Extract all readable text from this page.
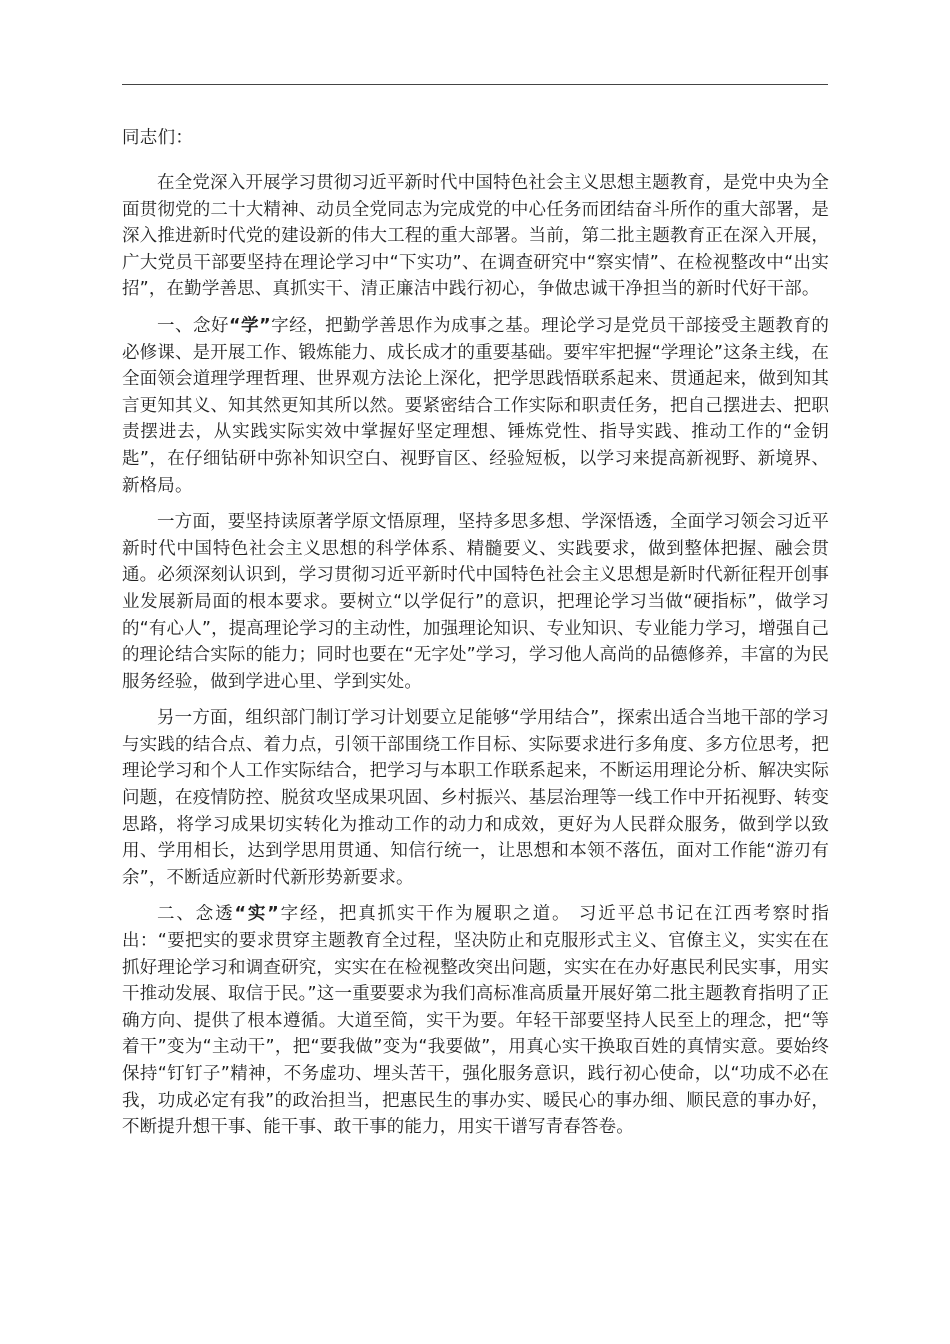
同志们：

在全党深入开展学习贯彻习近平新时代中国特色社会主义思想主题教育，是党中央为全面贯彻党的二十大精神、动员全党同志为完成党的中心任务而团结奋斗所作的重大部署，是深入推进新时代党的建设新的伟大工程的重大部署。当前，第二批主题教育正在深入开展，广大党员干部要坚持在理论学习中“下实功”、在调查研究中“察实情”、在检视整改中“出实招”，在勤学善思、真抓实干、清正廉洁中践行初心，争做忠诚干净担当的新时代好干部。

一、念好“学”字经，把勤学善思作为成事之基。理论学习是党员干部接受主题教育的必修课、是开展工作、锻炼能力、成长成才的重要基础。要牢牢把握“学理论”这条主线，在全面领会道理学理哲理、世界观方法论上深化，把学思践悟联系起来、贯通起来，做到知其言更知其义、知其然更知其所以然。要紧密结合工作实际和职责任务，把自己摆进去、把职责摆进去，从实践实际实效中掌握好坚定理想、锤炼党性、指导实践、推动工作的“金钥匙”，在仔细钻研中弥补知识空白、视野盲区、经验短板，以学习来提高新视野、新境界、新格局。

一方面，要坚持读原著学原文悟原理，坚持多思多想、学深悟透，全面学习领会习近平新时代中国特色社会主义思想的科学体系、精髓要义、实践要求，做到整体把握、融会贯通。必须深刻认识到，学习贯彻习近平新时代中国特色社会主义思想是新时代新征程开创事业发展新局面的根本要求。要树立“以学促行”的意识，把理论学习当做“硬指标”，做学习的“有心人”，提高理论学习的主动性，加强理论知识、专业知识、专业能力学习，增强自己的理论结合实际的能力；同时也要在“无字处”学习，学习他人高尚的品德修养，丰富的为民服务经验，做到学进心里、学到实处。

另一方面，组织部门制订学习计划要立足能够“学用结合”，探索出适合当地干部的学习与实践的结合点、着力点，引领干部围绕工作目标、实际要求进行多角度、多方位思考，把理论学习和个人工作实际结合，把学习与本职工作联系起来，不断运用理论分析、解决实际问题，在疫情防控、脱贫攻坚成果巩固、乡村振兴、基层治理等一线工作中开拓视野、转变思路，将学习成果切实转化为推动工作的动力和成效，更好为人民群众服务，做到学以致用、学用相长，达到学思用贯通、知信行统一，让思想和本领不落伍，面对工作能“游刃有余”，不断适应新时代新形势新要求。

二、念透“实”字经，把真抓实干作为履职之道。 习近平总书记在江西考察时指出：“要把实的要求贯穿主题教育全过程，坚决防止和克服形式主义、官僚主义，实实在在抓好理论学习和调查研究，实实在在检视整改突出问题，实实在在办好惠民利民实事，用实干推动发展、取信于民。”这一重要要求为我们高标准高质量开展好第二批主题教育指明了正确方向、提供了根本遵循。大道至简，实干为要。年轻干部要坚持人民至上的理念，把“等着干”变为“主动干”，把“要我做”变为“我要做”，用真心实干换取百姓的真情实意。要始终保持“钉钉子”精神，不务虚功、埋头苦干，强化服务意识，践行初心使命，以“功成不必在我，功成必定有我”的政治担当，把惠民生的事办实、暖民心的事办细、顺民意的事办好，不断提升想干事、能干事、敢干事的能力，用实干谱写青春答卷。
